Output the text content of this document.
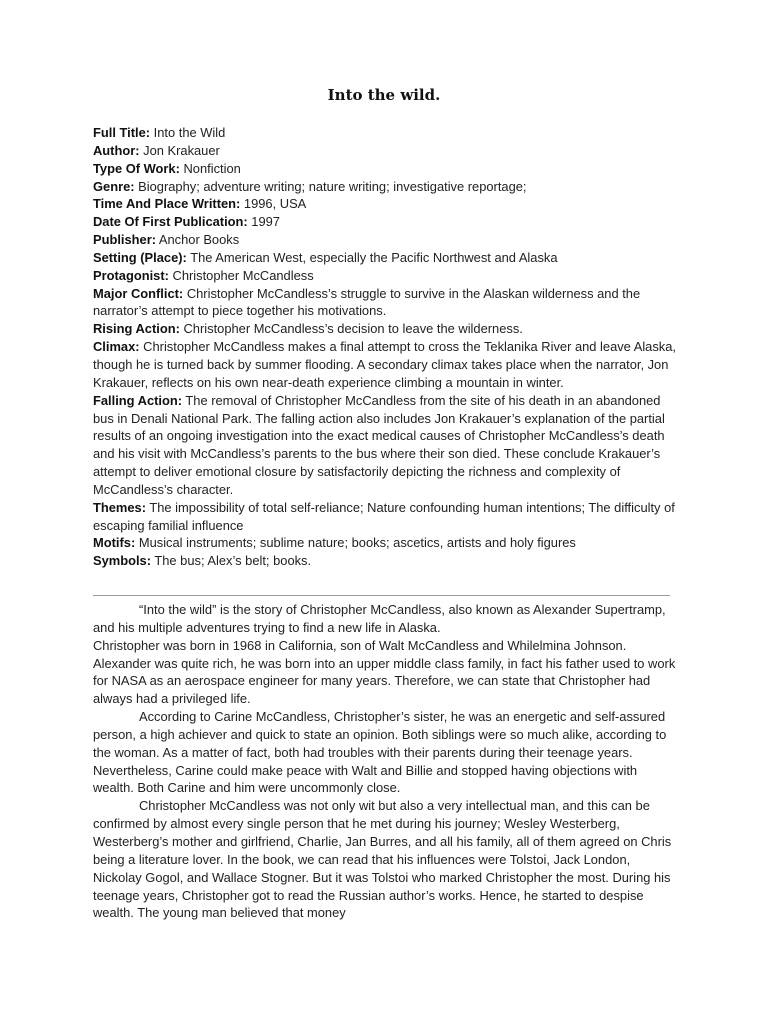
Into the wild.

Full Title: Into the Wild

Author: Jon Krakauer

Type Of Work: Nonfiction

Genre: Biography; adventure writing; nature writing; investigative reportage;

Time And Place Written: 1996, USA

Date Of First Publication: 1997

Publisher: Anchor Books

Setting (Place): The American West, especially the Pacific Northwest and Alaska

Protagonist: Christopher McCandless

Major Conflict: Christopher McCandless’s struggle to survive in the Alaskan wilderness and the narrator’s attempt to piece together his motivations.

Rising Action: Christopher McCandless’s decision to leave the wilderness.

Climax: Christopher McCandless makes a final attempt to cross the Teklanika River and leave Alaska, though he is turned back by summer flooding. A secondary climax takes place when the narrator, Jon Krakauer, reflects on his own near-death experience climbing a mountain in winter.

Falling Action: The removal of Christopher McCandless from the site of his death in an abandoned bus in Denali National Park. The falling action also includes Jon Krakauer’s explanation of the partial results of an ongoing investigation into the exact medical causes of Christopher McCandless’s death and his visit with McCandless’s parents to the bus where their son died. These conclude Krakauer’s attempt to deliver emotional closure by satisfactorily depicting the richness and complexity of McCandless’s character.

Themes: The impossibility of total self-reliance; Nature confounding human intentions; The difficulty of escaping familial influence

Motifs: Musical instruments; sublime nature; books; ascetics, artists and holy figures

Symbols: The bus; Alex’s belt; books.

“Into the wild” is the story of Christopher McCandless, also known as Alexander Supertramp, and his multiple adventures trying to find a new life in Alaska.

Christopher was born in 1968 in California, son of Walt McCandless and Whilelmina Johnson. Alexander was quite rich, he was born into an upper middle class family, in fact his father used to work for NASA as an aerospace engineer for many years. Therefore, we can state that Christopher had always had a privileged life.

According to Carine McCandless, Christopher’s sister, he was an energetic and self-assured person, a high achiever and quick to state an opinion. Both siblings were so much alike, according to the woman. As a matter of fact, both had troubles with their parents during their teenage years. Nevertheless, Carine could make peace with Walt and Billie and stopped having objections with wealth. Both Carine and him were uncommonly close.

Christopher McCandless was not only wit but also a very intellectual man, and this can be confirmed by almost every single person that he met during his journey; Wesley Westerberg, Westerberg’s mother and girlfriend, Charlie, Jan Burres, and all his family, all of them agreed on Chris being a literature lover. In the book, we can read that his influences were Tolstoi, Jack London, Nickolay Gogol, and Wallace Stogner. But it was Tolstoi who marked Christopher the most. During his teenage years, Christopher got to read the Russian author’s works. Hence, he started to despise wealth. The young man believed that money
